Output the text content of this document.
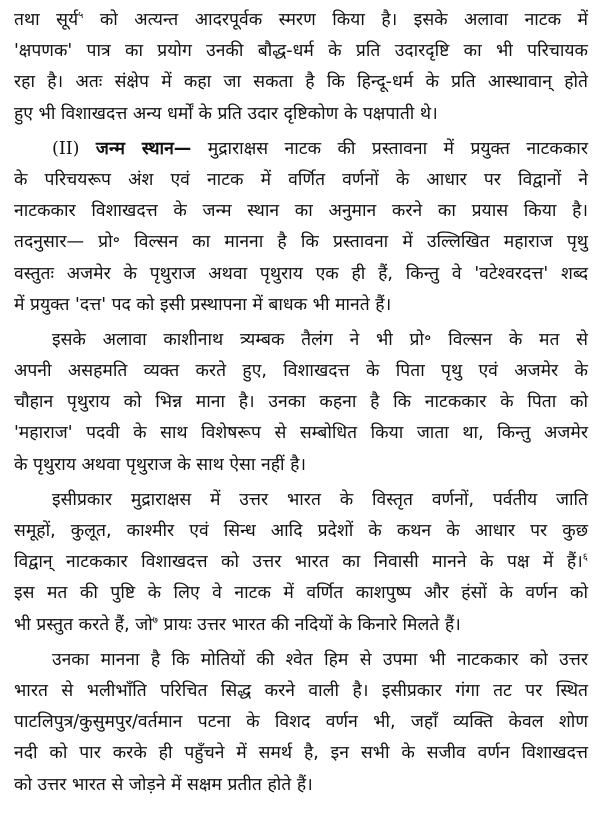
तथा सूर्य$^५$ को अत्यन्त आदरपूर्वक स्मरण किया है। इसके अलावा नाटक में
'क्षपणक' पात्र का प्रयोग उनकी बौद्ध-धर्म के प्रति उदारदृष्टि का भी परिचायक
रहा है। अतः संक्षेप में कहा जा सकता है कि हिन्दू-धर्म के प्रति आस्थावान् होते
हुए भी विशाखदत्त अन्य धर्मों के प्रति उदार दृष्टिकोण के पक्षपाती थे।
(II) जन्म स्थान— मुद्राराक्षस नाटक की प्रस्तावना में प्रयुक्त नाटककार
के परिचयरूप अंश एवं नाटक में वर्णित वर्णनों के आधार पर विद्वानों ने
नाटककार विशाखदत्त के जन्म स्थान का अनुमान करने का प्रयास किया है।
तदनुसार— प्रो॰ विल्सन का मानना है कि प्रस्तावना में उल्लिखित महाराज पृथु
वस्तुतः अजमेर के पृथुराज अथवा पृथुराय एक ही हैं, किन्तु वे 'वटेश्वरदत्त' शब्द
में प्रयुक्त 'दत्त' पद को इसी प्रस्थापना में बाधक भी मानते हैं।
इसके अलावा काशीनाथ त्र्यम्बक तैलंग ने भी प्रो॰ विल्सन के मत से
अपनी असहमति व्यक्त करते हुए, विशाखदत्त के पिता पृथु एवं अजमेर के
चौहान पृथुराय को भिन्न माना है। उनका कहना है कि नाटककार के पिता को
'महाराज' पदवी के साथ विशेषरूप से सम्बोधित किया जाता था, किन्तु अजमेर
के पृथुराय अथवा पृथुराज के साथ ऐसा नहीं है।
इसीप्रकार मुद्राराक्षस में उत्तर भारत के विस्तृत वर्णनों, पर्वतीय जाति
समूहों, कुलूत, काश्मीर एवं सिन्ध आदि प्रदेशों के कथन के आधार पर कुछ
विद्वान् नाटककार विशाखदत्त को उत्तर भारत का निवासी मानने के पक्ष में हैं।$^६$
इस मत की पुष्टि के लिए वे नाटक में वर्णित काशपुष्प और हंसों के वर्णन को
भी प्रस्तुत करते हैं, जो$^७$ प्रायः उत्तर भारत की नदियों के किनारे मिलते हैं।
उनका मानना है कि मोतियों की श्वेत हिम से उपमा भी नाटककार को उत्तर
भारत से भलीभाँति परिचित सिद्ध करने वाली है। इसीप्रकार गंगा तट पर स्थित
पाटलिपुत्र/कुसुमपुर/वर्तमान पटना के विशद वर्णन भी, जहाँ व्यक्ति केवल शोण
नदी को पार करके ही पहुँचने में समर्थ है, इन सभी के सजीव वर्णन विशाखदत्त
को उत्तर भारत से जोड़ने में सक्षम प्रतीत होते हैं।
